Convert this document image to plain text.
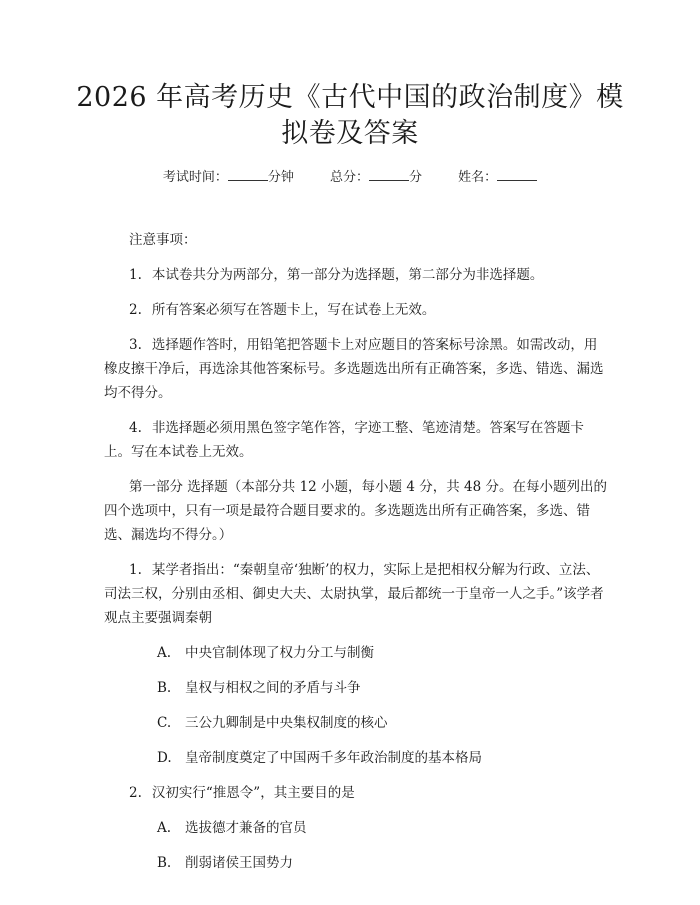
2026 年高考历史《古代中国的政治制度》模
拟卷及答案
考试时间：	分钟	总分：	分	姓名：
注意事项：
1. 本试卷共分为两部分，第一部分为选择题，第二部分为非选择题。
2. 所有答案必须写在答题卡上，写在试卷上无效。
3. 选择题作答时，用铅笔把答题卡上对应题目的答案标号涂黑。如需改动，用橡皮擦干净后，再选涂其他答案标号。多选题选出所有正确答案，多选、错选、漏选均不得分。
4. 非选择题必须用黑色签字笔作答，字迹工整、笔迹清楚。答案写在答题卡上。写在本试卷上无效。
第一部分 选择题（本部分共 12 小题，每小题 4 分，共 48 分。在每小题列出的四个选项中，只有一项是最符合题目要求的。多选题选出所有正确答案，多选、错选、漏选均不得分。）
1. 某学者指出：“秦朝皇帝‘独断’的权力，实际上是把相权分解为行政、立法、司法三权，分别由丞相、御史大夫、太尉执掌，最后都统一于皇帝一人之手。”该学者观点主要强调秦朝
A. 中央官制体现了权力分工与制衡
B. 皇权与相权之间的矛盾与斗争
C. 三公九卿制是中央集权制度的核心
D. 皇帝制度奠定了中国两千多年政治制度的基本格局
2. 汉初实行“推恩令”，其主要目的是
A. 选拔德才兼备的官员
B. 削弱诸侯王国势力
